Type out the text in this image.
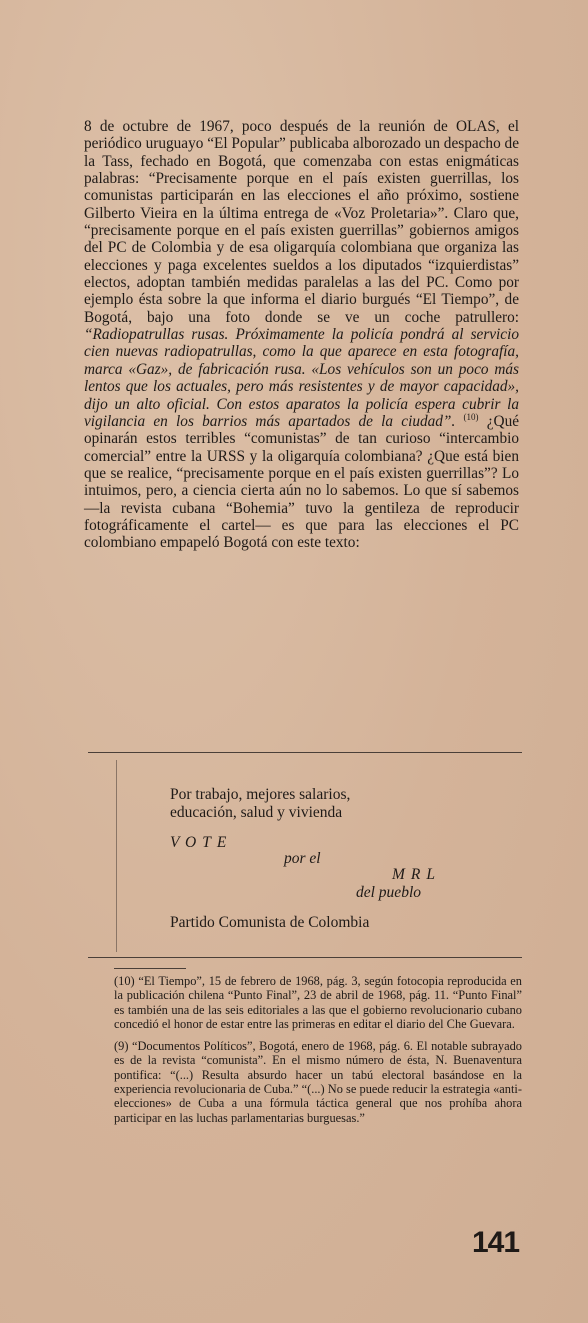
8 de octubre de 1967, poco después de la reunión de OLAS, el periódico uruguayo “El Popular” publicaba alborozado un despacho de la Tass, fechado en Bogotá, que comenzaba con estas enigmáticas palabras: “Precisamente porque en el país existen guerrillas, los comunistas participarán en las elecciones el año próximo, sostiene Gilberto Vieira en la última entrega de «Voz Proletaria»”. Claro que, “precisamente porque en el país existen guerrillas” gobiernos amigos del PC de Colombia y de esa oligarquía colombiana que organiza las elecciones y paga excelentes sueldos a los diputados “izquierdistas” electos, adoptan también medidas paralelas a las del PC. Como por ejemplo ésta sobre la que informa el diario burgués “El Tiempo”, de Bogotá, bajo una foto donde se ve un coche patrullero: “Radiopatrullas rusas. Próximamente la policía pondrá al servicio cien nuevas radiopatrullas, como la que aparece en esta fotografía, marca «Gaz», de fabricación rusa. «Los vehículos son un poco más lentos que los actuales, pero más resistentes y de mayor capacidad», dijo un alto oficial. Con estos aparatos la policía espera cubrir la vigilancia en los barrios más apartados de la ciudad”. $^{(10)}$ ¿Qué opinarán estos terribles “comunistas” de tan curioso “intercambio comercial” entre la URSS y la oligarquía colombiana? ¿Que está bien que se realice, “precisamente porque en el país existen guerrillas”? Lo intuimos, pero, a ciencia cierta aún no lo sabemos. Lo que sí sabemos —la revista cubana “Bohemia” tuvo la gentileza de reproducir fotográficamente el cartel— es que para las elecciones el PC colombiano empapeló Bogotá con este texto:

Por trabajo, mejores salarios,
educación, salud y vivienda
VOTE
por el
MRL
del pueblo
Partido Comunista de Colombia

(10) “El Tiempo”, 15 de febrero de 1968, pág. 3, según fotocopia reproducida en la publicación chilena “Punto Final”, 23 de abril de 1968, pág. 11. “Punto Final” es también una de las seis editoriales a las que el gobierno revolucionario cubano concedió el honor de estar entre las primeras en editar el diario del Che Guevara.

(9) “Documentos Políticos”, Bogotá, enero de 1968, pág. 6. El notable subrayado es de la revista “comunista”. En el mismo número de ésta, N. Buenaventura pontifica: “(...) Resulta absurdo hacer un tabú electoral basándose en la experiencia revolucionaria de Cuba.” “(...) No se puede reducir la estrategia «anti-elecciones» de Cuba a una fórmula táctica general que nos prohíba ahora participar en las luchas parlamentarias burguesas.”

141
